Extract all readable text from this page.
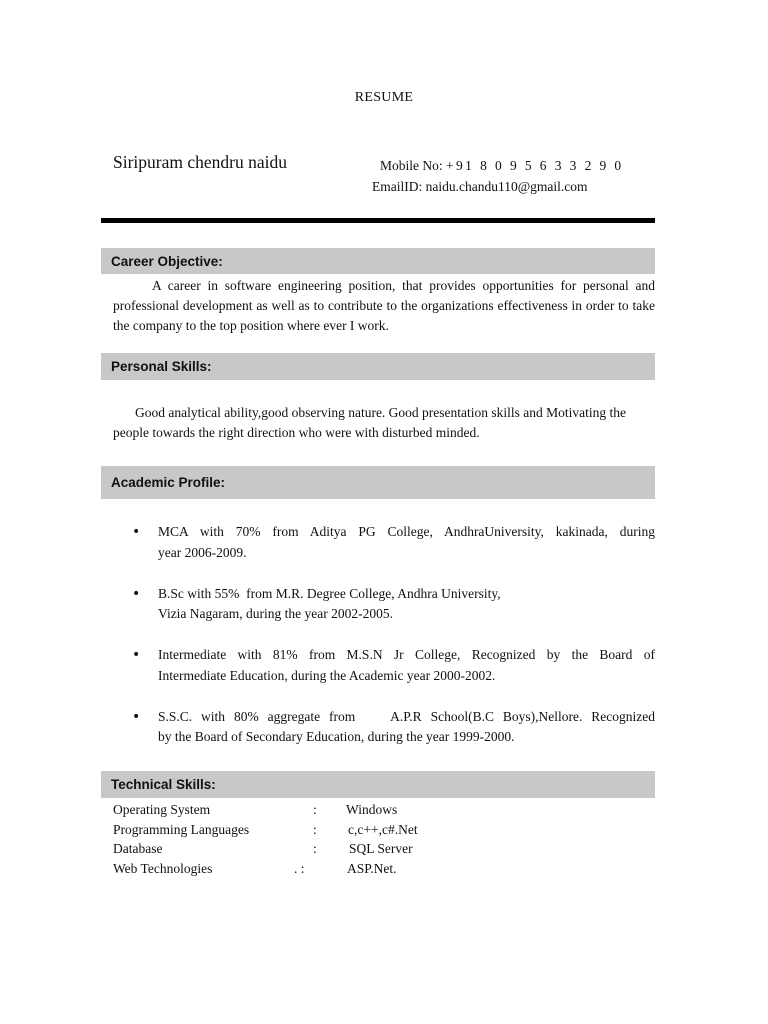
RESUME
Siripuram chendru naidu	Mobile No: +91 8 0 9 5 6 3 3 2 9 0
EmailID: naidu.chandu110@gmail.com
Career Objective:
A career in software engineering position, that provides opportunities for personal and professional development as well as to contribute to the organizations effectiveness in order to take the company to the top position where ever I work.
Personal Skills:
Good analytical ability,good observing nature. Good presentation skills and Motivating the people towards the right direction who were with disturbed minded.
Academic Profile:
• MCA with 70% from Aditya PG College, AndhraUniversity, kakinada, during
year 2006-2009.
• B.Sc with 55%  from M.R. Degree College, Andhra University,
Vizia Nagaram, during the year 2002-2005.
• Intermediate with 81% from M.S.N Jr College, Recognized by the Board of
Intermediate Education, during the Academic year 2000-2002.
• S.S.C. with 80% aggregate from    A.P.R School(B.C Boys),Nellore. Recognized
by the Board of Secondary Education, during the year 1999-2000.
Technical Skills:
Operating System	: Windows
Programming Languages	: c,c++,c#.Net
Database	: SQL Server
Web Technologies	. :	ASP.Net.
